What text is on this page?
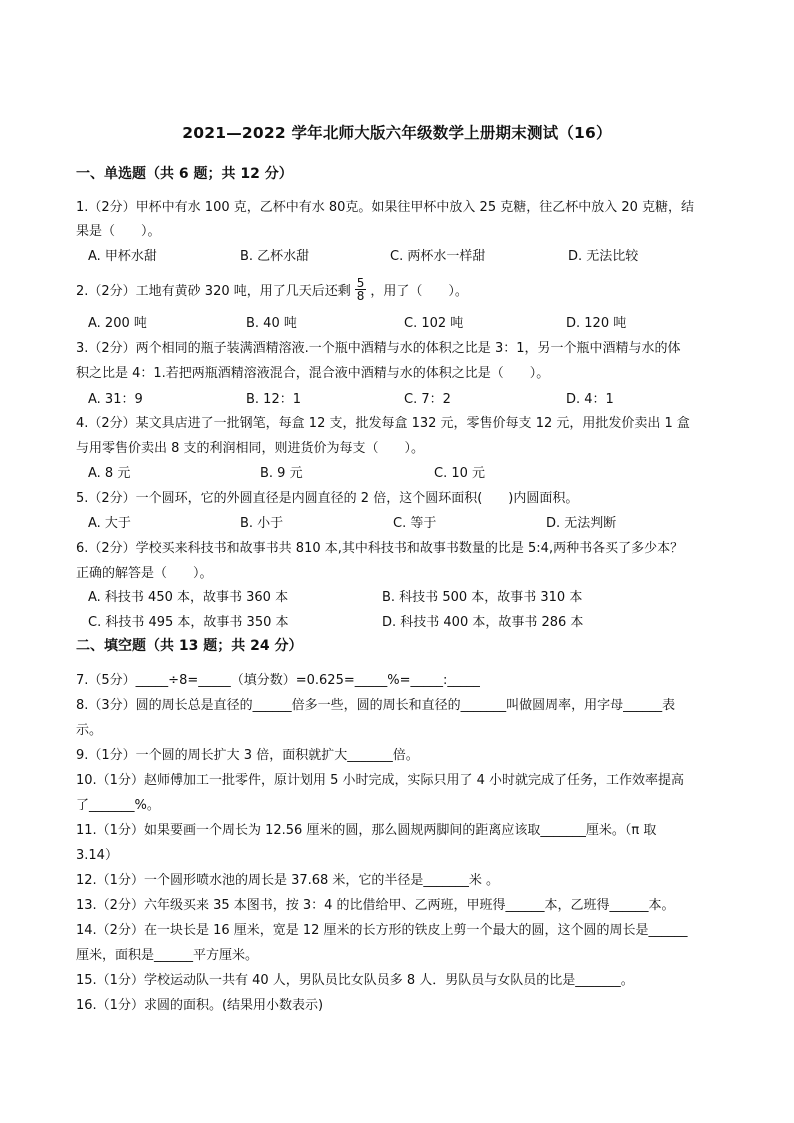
2021—2022 学年北师大版六年级数学上册期末测试（16）
一、单选题（共 6 题；共 12 分）
1.（2分）甲杯中有水 100 克，乙杯中有水 80克。如果往甲杯中放入 25 克糖，往乙杯中放入 20 克糖，结
果是（　　）。
A. 甲杯水甜	B. 乙杯水甜	C. 两杯水一样甜	D. 无法比较
2.（2分）工地有黄砂 320 吨，用了几天后还剩 $\frac{5}{8}$ ，用了（　　）。
A. 200 吨	B. 40 吨	C. 102 吨	D. 120 吨
3.（2分）两个相同的瓶子装满酒精溶液.一个瓶中酒精与水的体积之比是 3：1，另一个瓶中酒精与水的体
积之比是 4：1.若把两瓶酒精溶液混合，混合液中酒精与水的体积之比是（　　）。
A. 31：9	B. 12：1	C. 7：2	D. 4：1
4.（2分）某文具店进了一批钢笔，每盒 12 支，批发每盒 132 元，零售价每支 12 元，用批发价卖出 1 盒
与用零售价卖出 8 支的利润相同，则进货价为每支（　　）。
A. 8 元	B. 9 元	C. 10 元
5.（2分）一个圆环，它的外圆直径是内圆直径的 2 倍，这个圆环面积(　　)内圆面积。
A. 大于	B. 小于	C. 等于	D. 无法判断
6.（2分）学校买来科技书和故事书共 810 本,其中科技书和故事书数量的比是 5:4,两种书各买了多少本？
正确的解答是（　　）。
A. 科技书 450 本，故事书 360 本	B. 科技书 500 本，故事书 310 本
C. 科技书 495 本，故事书 350 本	D. 科技书 400 本，故事书 286 本
二、填空题（共 13 题；共 24 分）
7.（5分）_____÷8=_____（填分数）=0.625=_____%=_____:_____
8.（3分）圆的周长总是直径的______倍多一些，圆的周长和直径的_______叫做圆周率，用字母______表
示。
9.（1分）一个圆的周长扩大 3 倍，面积就扩大_______倍。
10.（1分）赵师傅加工一批零件，原计划用 5 小时完成，实际只用了 4 小时就完成了任务，工作效率提高
了_______%。
11.（1分）如果要画一个周长为 12.56 厘米的圆，那么圆规两脚间的距离应该取_______厘米。（π 取
3.14）
12.（1分）一个圆形喷水池的周长是 37.68 米，它的半径是_______米 。
13.（2分）六年级买来 35 本图书，按 3：4 的比借给甲、乙两班，甲班得______本，乙班得______本。
14.（2分）在一块长是 16 厘米，宽是 12 厘米的长方形的铁皮上剪一个最大的圆，这个圆的周长是______
厘米，面积是______平方厘米。
15.（1分）学校运动队一共有 40 人，男队员比女队员多 8 人．男队员与女队员的比是_______。
16.（1分）求圆的面积。(结果用小数表示)
